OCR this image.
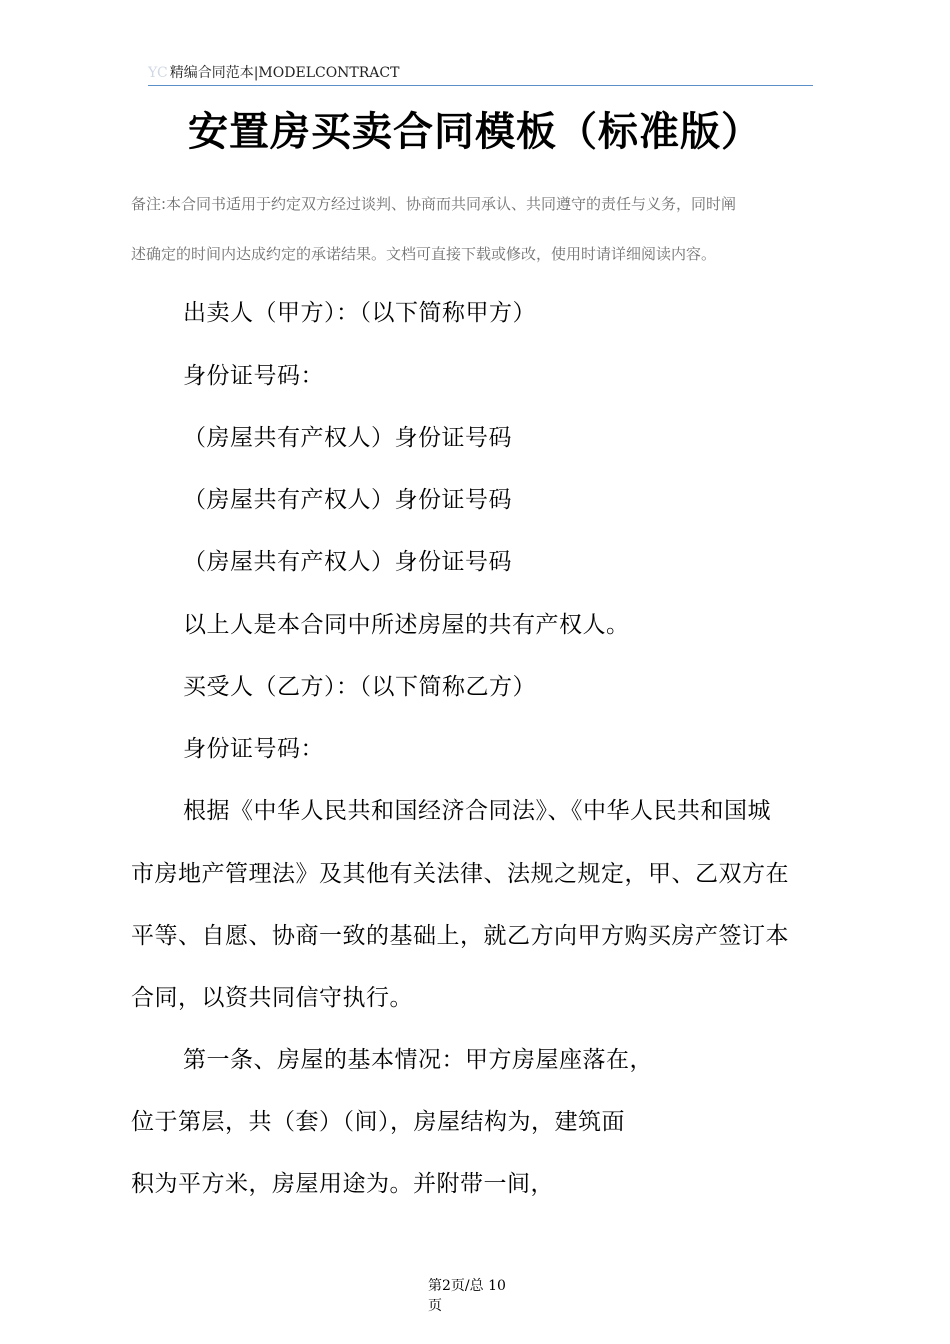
YC 精编合同范本|MODELCONTRACT
安置房买卖合同模板（标准版）
备注:本合同书适用于约定双方经过谈判、协商而共同承认、共同遵守的责任与义务，同时阐
述确定的时间内达成约定的承诺结果。文档可直接下载或修改，使用时请详细阅读内容。
出卖人（甲方）：（以下简称甲方）
身份证号码：
（房屋共有产权人）身份证号码
（房屋共有产权人）身份证号码
（房屋共有产权人）身份证号码
以上人是本合同中所述房屋的共有产权人。
买受人（乙方）：（以下简称乙方）
身份证号码：
根据《中华人民共和国经济合同法》、《中华人民共和国城
市房地产管理法》及其他有关法律、法规之规定，甲、乙双方在
平等、自愿、协商一致的基础上，就乙方向甲方购买房产签订本
合同，以资共同信守执行。
第一条、房屋的基本情况：甲方房屋座落在，
位于第层，共（套）（间），房屋结构为，建筑面
积为平方米，房屋用途为。并附带一间，
第2页/总 10
页
